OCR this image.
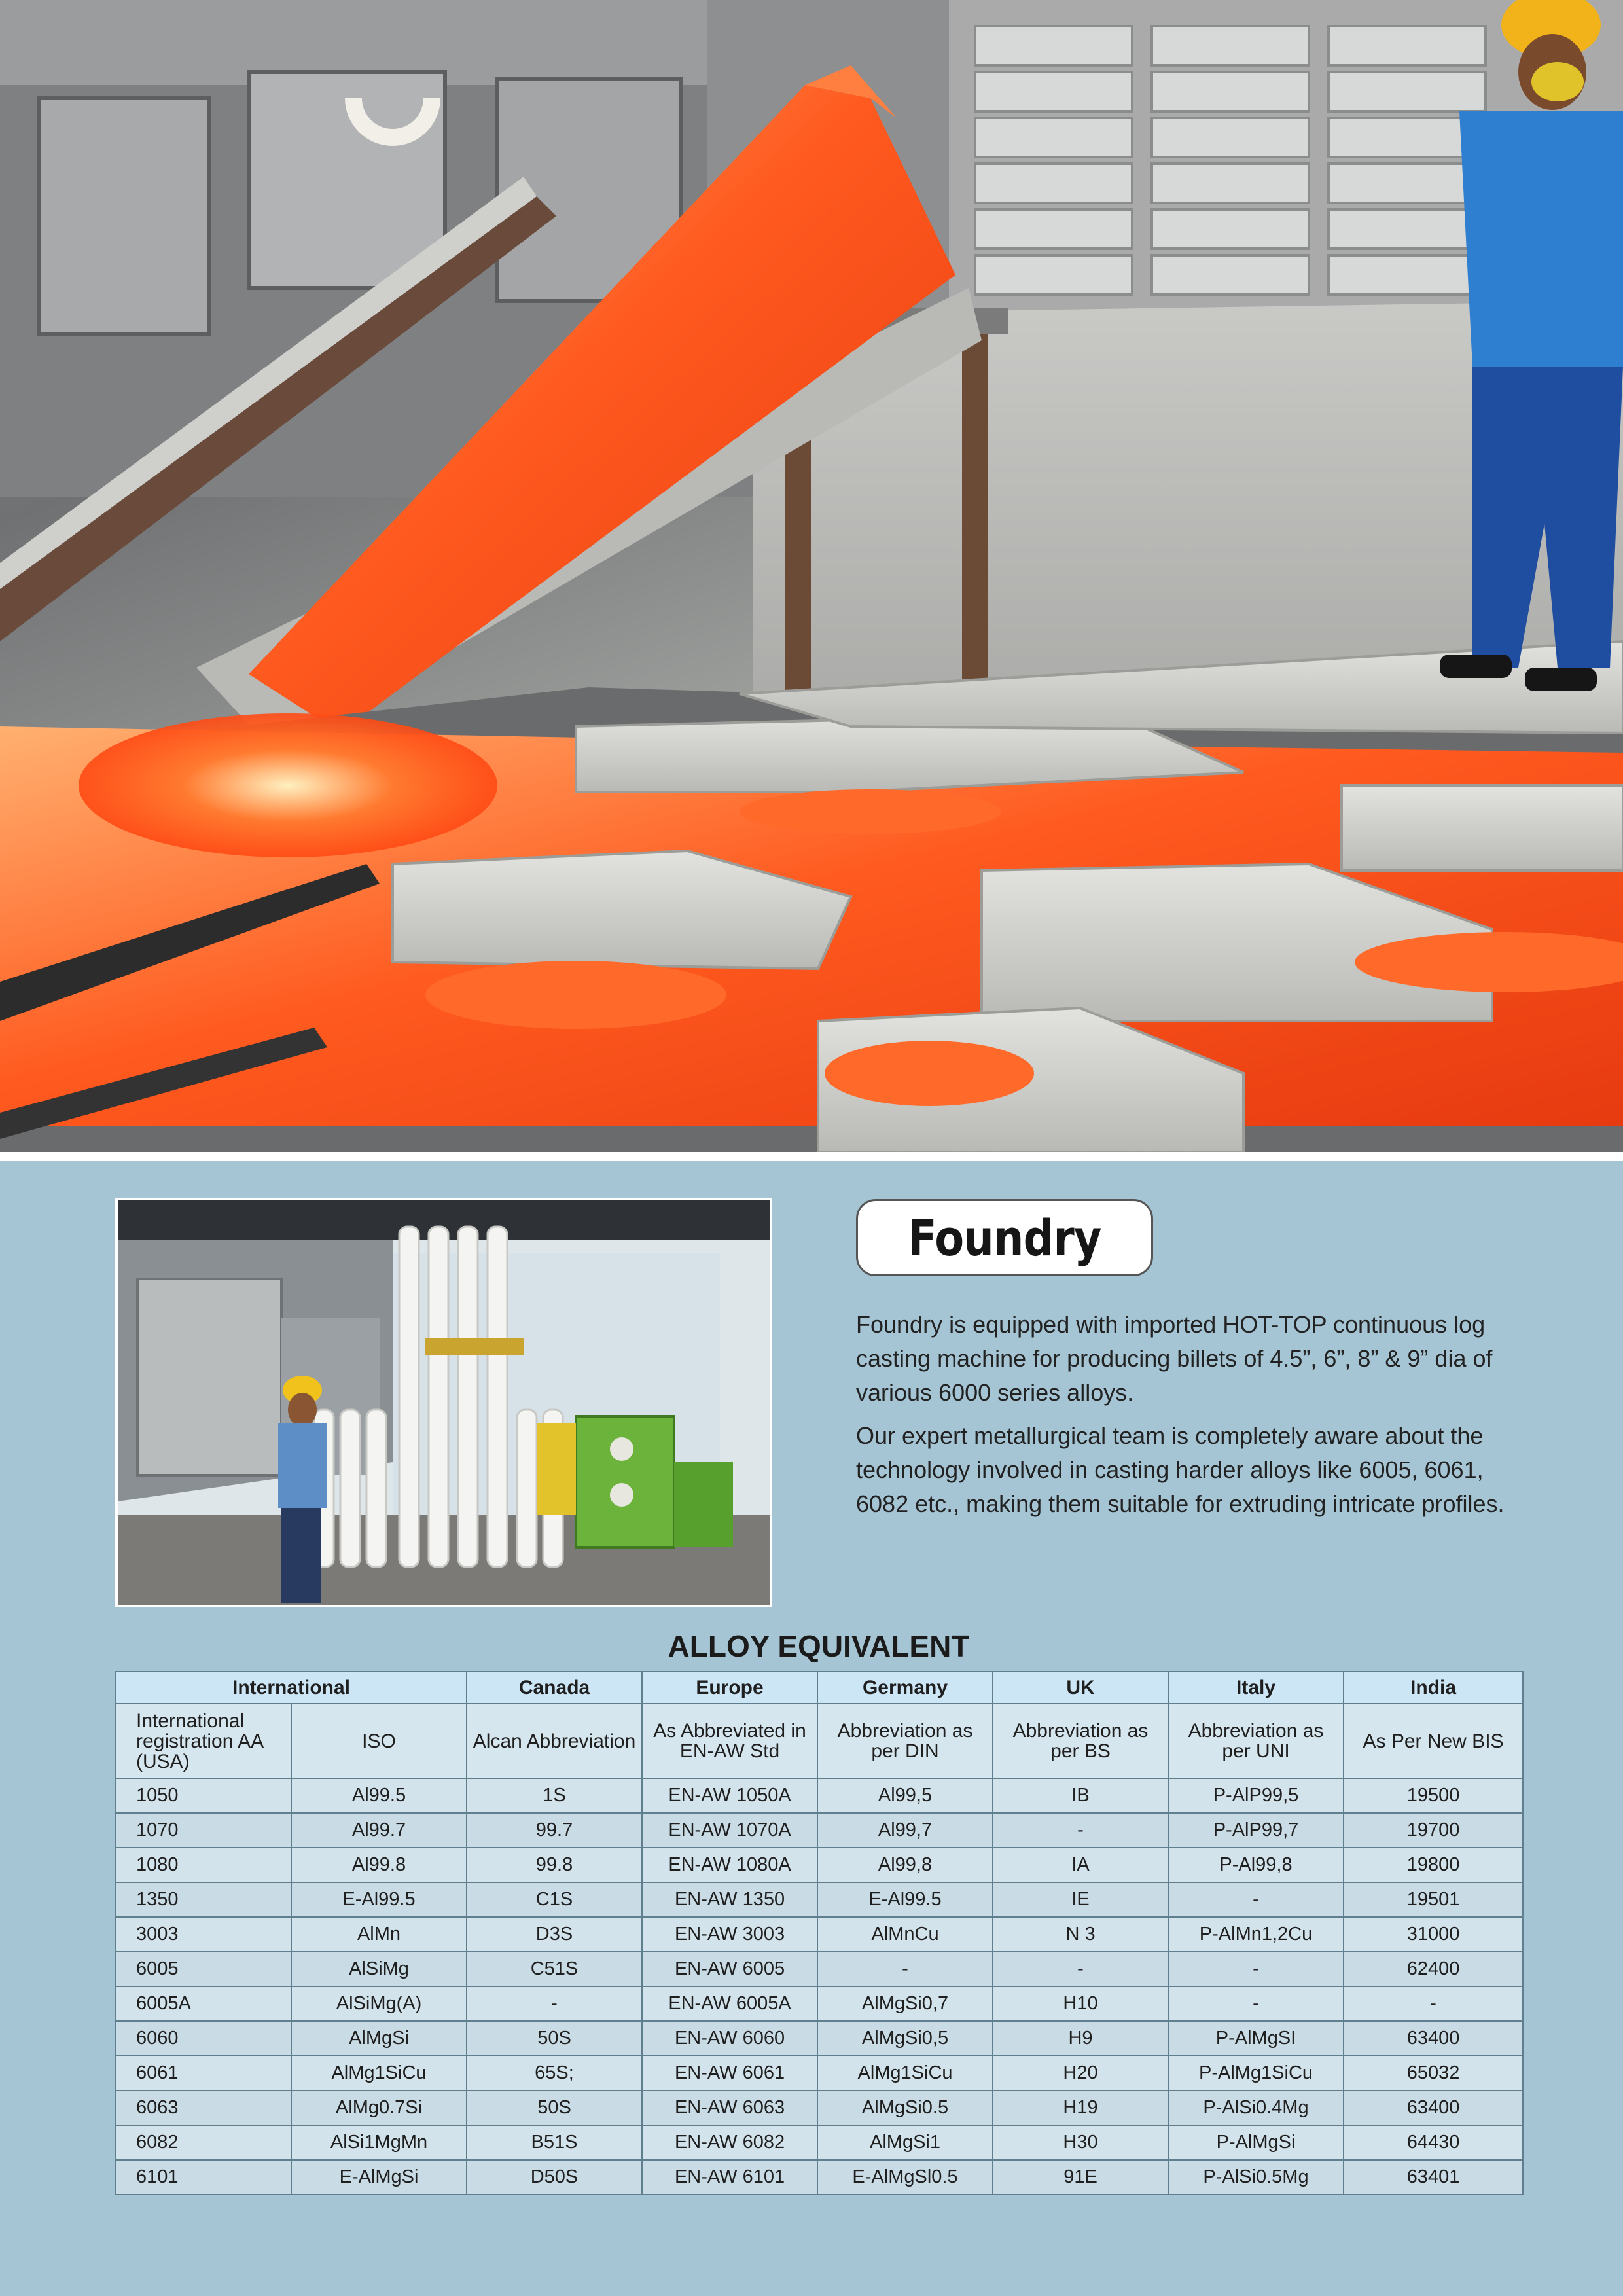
Foundry

Foundry is equipped with imported HOT-TOP continuous log casting machine for producing billets of 4.5”, 6”, 8” & 9” dia of various 6000 series alloys.

Our expert metallurgical team is completely aware about the technology involved in casting harder alloys like 6005, 6061, 6082 etc., making them suitable for extruding intricate profiles.

ALLOY EQUIVALENT
International		Canada	Europe	Germany	UK	Italy	India
International registration AA (USA)	ISO	Alcan Abbreviation	As Abbreviated in EN-AW Std	Abbreviation as per DIN	Abbreviation as per BS	Abbreviation as per UNI	As Per New BIS
1050	Al99.5	1S	EN-AW 1050A	Al99,5	IB	P-AlP99,5	19500
1070	Al99.7	99.7	EN-AW 1070A	Al99,7	-	P-AlP99,7	19700
1080	Al99.8	99.8	EN-AW 1080A	Al99,8	IA	P-Al99,8	19800
1350	E-Al99.5	C1S	EN-AW 1350	E-Al99.5	IE	-	19501
3003	AlMn	D3S	EN-AW 3003	AlMnCu	N 3	P-AlMn1,2Cu	31000
6005	AlSiMg	C51S	EN-AW 6005	-	-	-	62400
6005A	AlSiMg(A)	-	EN-AW 6005A	AlMgSi0,7	H10	-	-
6060	AlMgSi	50S	EN-AW 6060	AlMgSi0,5	H9	P-AlMgSI	63400
6061	AlMg1SiCu	65S;	EN-AW 6061	AlMg1SiCu	H20	P-AlMg1SiCu	65032
6063	AlMg0.7Si	50S	EN-AW 6063	AlMgSi0.5	H19	P-AlSi0.4Mg	63400
6082	AlSi1MgMn	B51S	EN-AW 6082	AlMgSi1	H30	P-AlMgSi	64430
6101	E-AlMgSi	D50S	EN-AW 6101	E-AlMgSl0.5	91E	P-AlSi0.5Mg	63401
